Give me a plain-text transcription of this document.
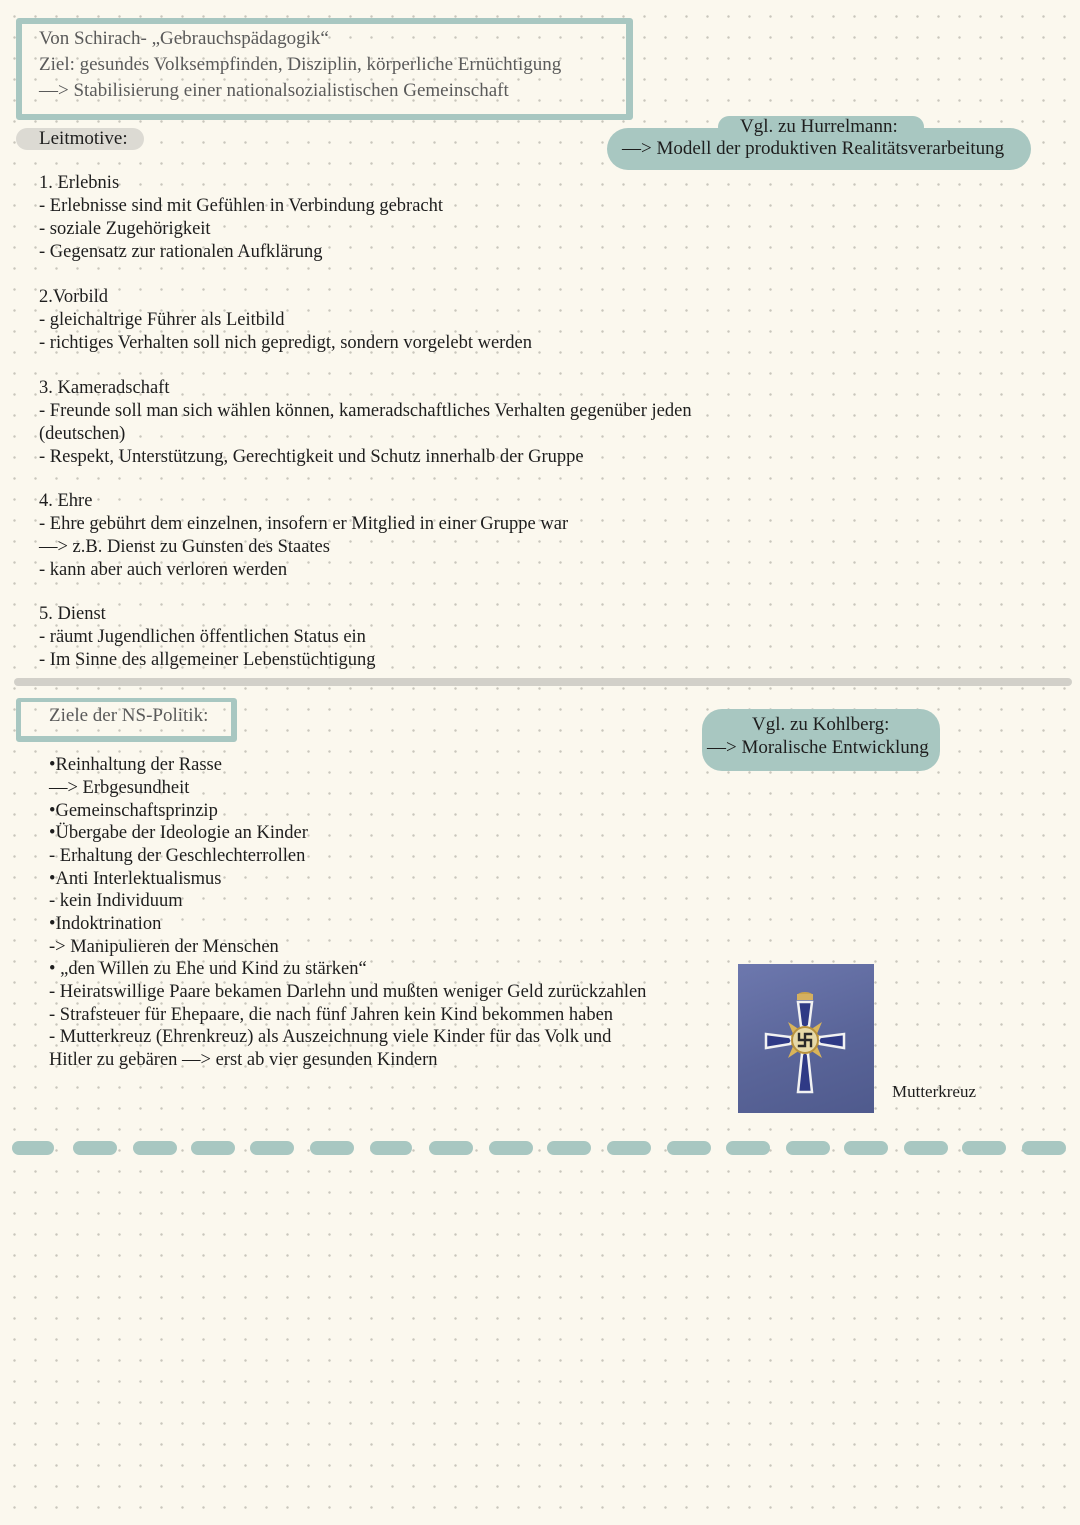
Von Schirach- „Gebrauchspädagogik“
Ziel: gesundes Volksempfinden, Disziplin, körperliche Ernüchtigung
—> Stabilisierung einer nationalsozialistischen Gemeinschaft
Leitmotive:
Vgl. zu Hurrelmann:
—> Modell der produktiven Realitätsverarbeitung
1. Erlebnis
- Erlebnisse sind mit Gefühlen in Verbindung gebracht
- soziale Zugehörigkeit
- Gegensatz zur rationalen Aufklärung
2.Vorbild
- gleichaltrige Führer als Leitbild
- richtiges Verhalten soll nich gepredigt, sondern vorgelebt werden
3. Kameradschaft
- Freunde soll man sich wählen können, kameradschaftliches Verhalten gegenüber jeden
(deutschen)
- Respekt, Unterstützung, Gerechtigkeit und Schutz innerhalb der Gruppe
4. Ehre
- Ehre gebührt dem einzelnen, insofern er Mitglied in einer Gruppe war
—> z.B. Dienst zu Gunsten des Staates
- kann aber auch verloren werden
5. Dienst
- räumt Jugendlichen öffentlichen Status ein
- Im Sinne des allgemeiner Lebenstüchtigung
Ziele der NS-Politik:	Vgl. zu Kohlberg:
—> Moralische Entwicklung
•Reinhaltung der Rasse
—> Erbgesundheit
•Gemeinschaftsprinzip
•Übergabe der Ideologie an Kinder
- Erhaltung der Geschlechterrollen
•Anti Interlektualismus
- kein Individuum
•Indoktrination
-> Manipulieren der Menschen
• „den Willen zu Ehe und Kind zu stärken“
- Heiratswillige Paare bekamen Darlehn und mußten weniger Geld zurückzahlen
- Strafsteuer für Ehepaare, die nach fünf Jahren kein Kind bekommen haben
- Mutterkreuz (Ehrenkreuz) als Auszeichnung viele Kinder für das Volk und
Hitler zu gebären —> erst ab vier gesunden Kindern
Mutterkreuz
